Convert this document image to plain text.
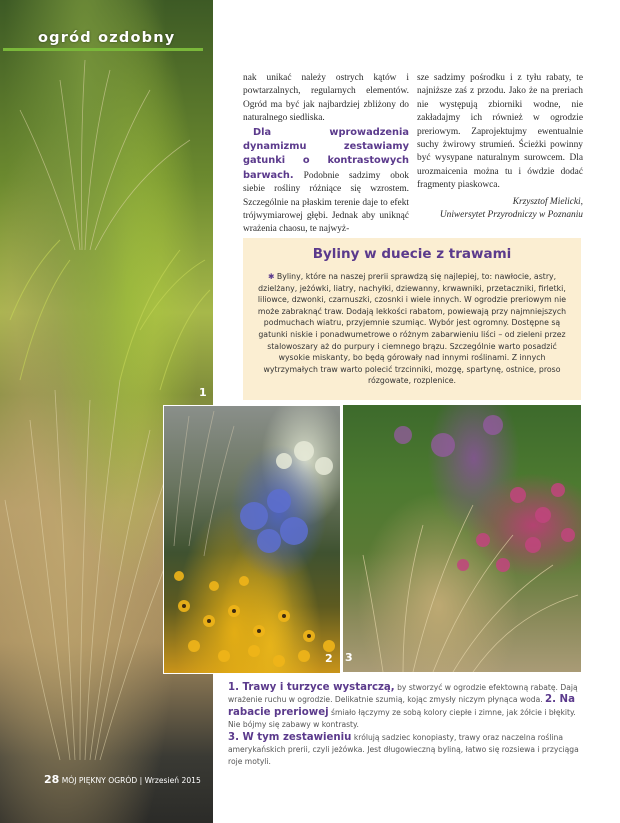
ogród ozdobny
1
28 MÓJ PIĘKNY OGRÓD | Wrzesień 2015

nak unikać należy ostrych kątów i powtarzalnych, regularnych elementów. Ogród ma być jak najbardziej zbliżony do naturalnego siedliska.

Dla wprowadzenia dynamizmu zestawiamy gatunki o kontrastowych barwach. Podobnie sadzimy obok siebie rośliny różniące się wzrostem. Szczególnie na płaskim terenie daje to efekt trójwymiarowej głębi. Jednak aby uniknąć wrażenia chaosu, te najwyż-

sze sadzimy pośrodku i z tyłu rabaty, te najniższe zaś z przodu. Jako że na preriach nie występują zbiorniki wodne, nie zakładajmy ich również w ogrodzie preriowym. Zaprojektujmy ewentualnie suchy żwirowy strumień. Ścieżki powinny być wysypane naturalnym surowcem. Dla urozmaicenia można tu i ówdzie dodać fragmenty piaskowca.

Krzysztof Mielicki,

Uniwersytet Przyrodniczy w Poznaniu

Byliny w duecie z trawami
✱ Byliny, które na naszej prerii sprawdzą się najlepiej, to: nawłocie, astry, dzielżany, jeżówki, liatry, nachyłki, dziewanny, krwawniki, przetaczniki, firletki, liliowce, dzwonki, czarnuszki, czosnki i wiele innych. W ogrodzie preriowym nie może zabraknąć traw. Dodają lekkości rabatom, powiewają przy najmniejszych podmuchach wiatru, przyjemnie szumiąc. Wybór jest ogromny. Dostępne są gatunki niskie i ponadwumetrowe o różnym zabarwieniu liści – od zieleni przez stalowoszary aż do purpury i ciemnego brązu. Szczególnie warto posadzić wysokie miskanty, bo będą górowały nad innymi roślinami. Z innych wytrzymałych traw warto polecić trzcinniki, mozgę, spartynę, ostnice, proso rózgowate, rozplenice.
2 3
1. Trawy i turzyce wystarczą, by stworzyć w ogrodzie efektowną rabatę. Dają wrażenie ruchu w ogrodzie. Delikatnie szumią, kojąc zmysły niczym płynąca woda. 2. Na rabacie preriowej śmiało łączymy ze sobą kolory ciepłe i zimne, jak żółcie i błękity. Nie bójmy się zabawy w kontrasty.
3. W tym zestawieniu królują sadziec konopiasty, trawy oraz naczelna roślina amerykańskich prerii, czyli jeżówka. Jest długowieczną byliną, łatwo się rozsiewa i przyciąga roje motyli.
